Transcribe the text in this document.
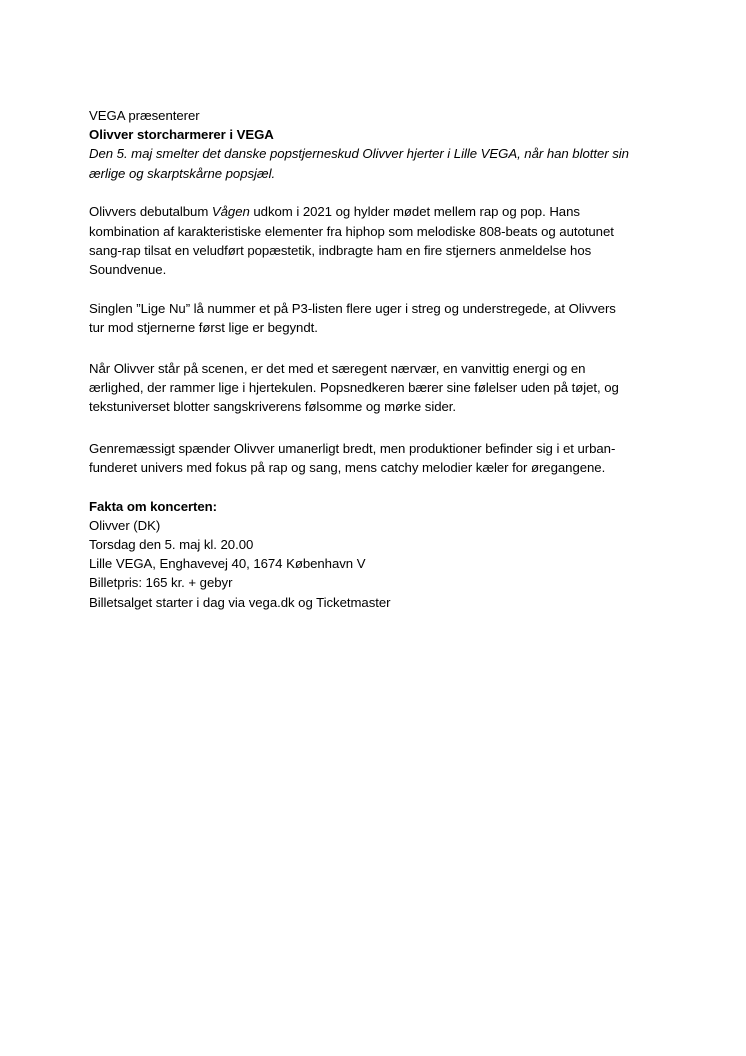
VEGA præsenterer

Olivver storcharmerer i VEGA

Den 5. maj smelter det danske popstjerneskud Olivver hjerter i Lille VEGA, når han blotter sin

ærlige og skarptskårne popsjæl.

Olivvers debutalbum Vågen udkom i 2021 og hylder mødet mellem rap og pop. Hans

kombination af karakteristiske elementer fra hiphop som melodiske 808-beats og autotunet

sang-rap tilsat en veludført popæstetik, indbragte ham en fire stjerners anmeldelse hos

Soundvenue.

Singlen ”Lige Nu” lå nummer et på P3-listen flere uger i streg og understregede, at Olivvers

tur mod stjernerne først lige er begyndt.

Når Olivver står på scenen, er det med et særegent nærvær, en vanvittig energi og en

ærlighed, der rammer lige i hjertekulen. Popsnedkeren bærer sine følelser uden på tøjet, og

tekstuniverset blotter sangskriverens følsomme og mørke sider.

Genremæssigt spænder Olivver umanerligt bredt, men produktioner befinder sig i et urban-

funderet univers med fokus på rap og sang, mens catchy melodier kæler for øregangene.

Fakta om koncerten:

Olivver (DK)

Torsdag den 5. maj kl. 20.00

Lille VEGA, Enghavevej 40, 1674 København V

Billetpris: 165 kr. + gebyr

Billetsalget starter i dag via vega.dk og Ticketmaster
